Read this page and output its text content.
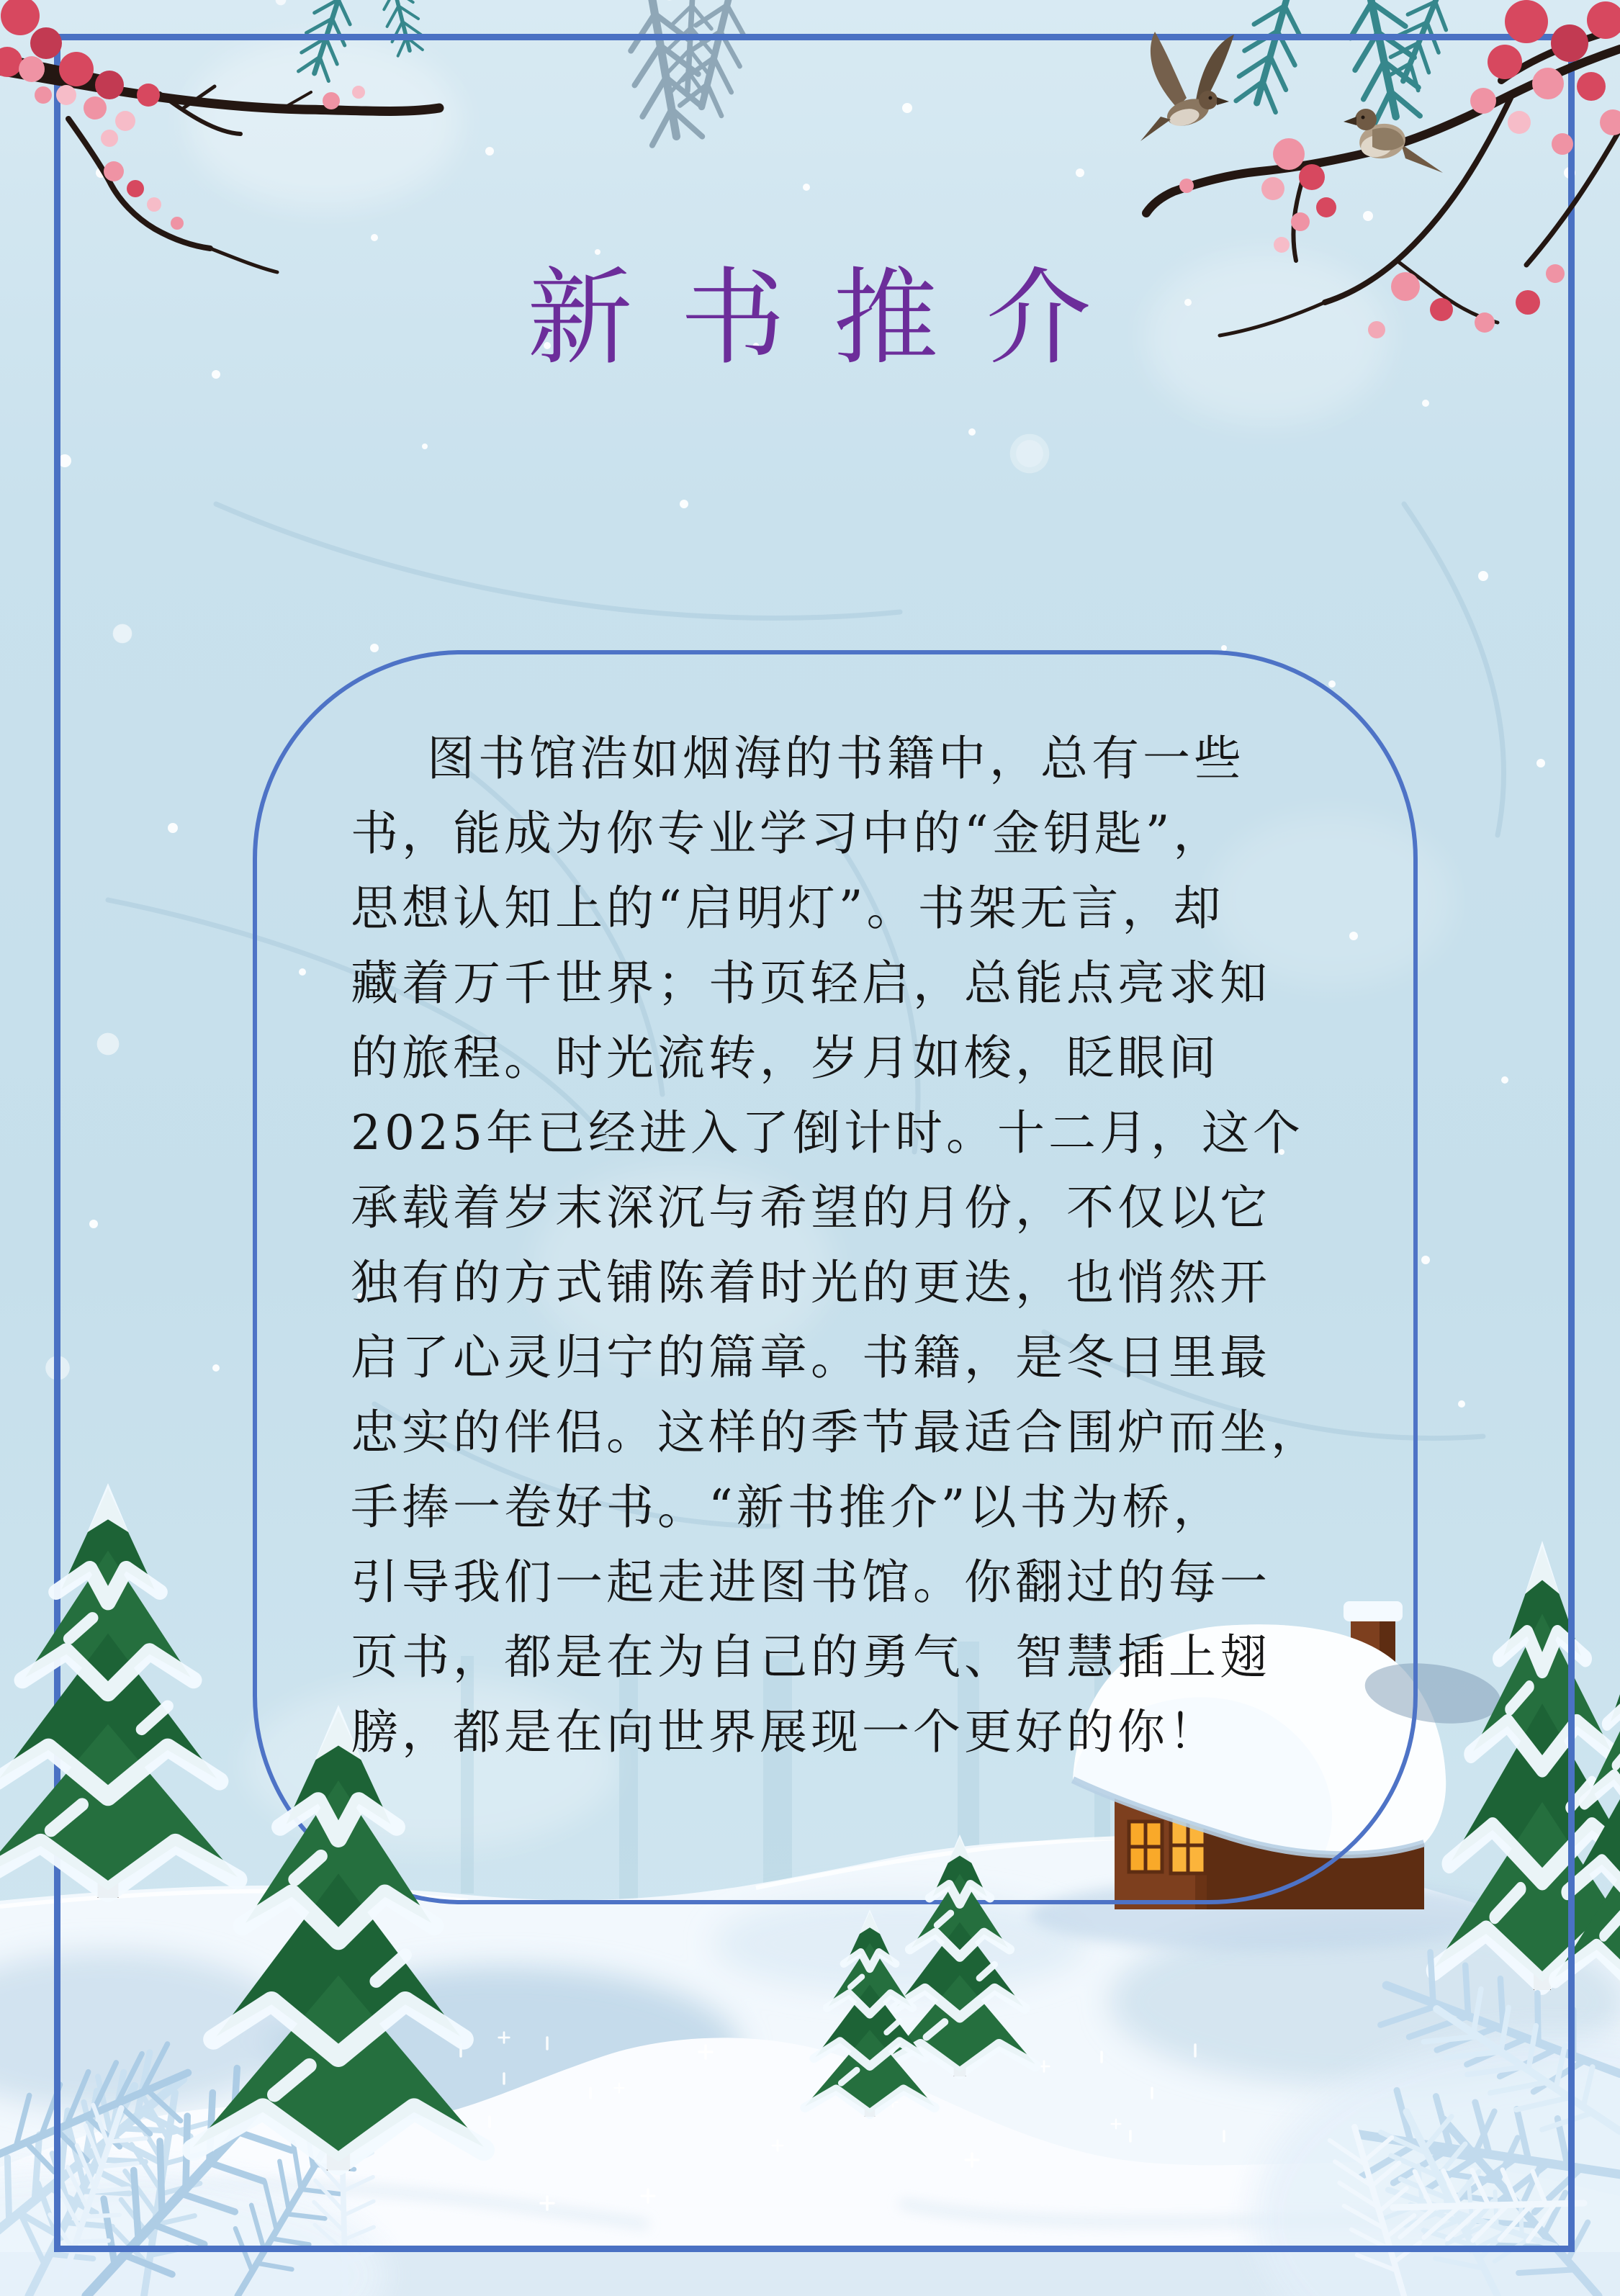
新 书 推 介

图书馆浩如烟海的书籍中，总有一些

书，能成为你专业学习中的“金钥匙”，

思想认知上的“启明灯”。书架无言，却

藏着万千世界；书页轻启，总能点亮求知

的旅程。时光流转，岁月如梭，眨眼间

2025年已经进入了倒计时。十二月，这个

承载着岁末深沉与希望的月份，不仅以它

独有的方式铺陈着时光的更迭，也悄然开

启了心灵归宁的篇章。书籍，是冬日里最

忠实的伴侣。这样的季节最适合围炉而坐，

手捧一卷好书。“新书推介”以书为桥，

引导我们一起走进图书馆。你翻过的每一

页书，都是在为自己的勇气、智慧插上翅

膀，都是在向世界展现一个更好的你！
